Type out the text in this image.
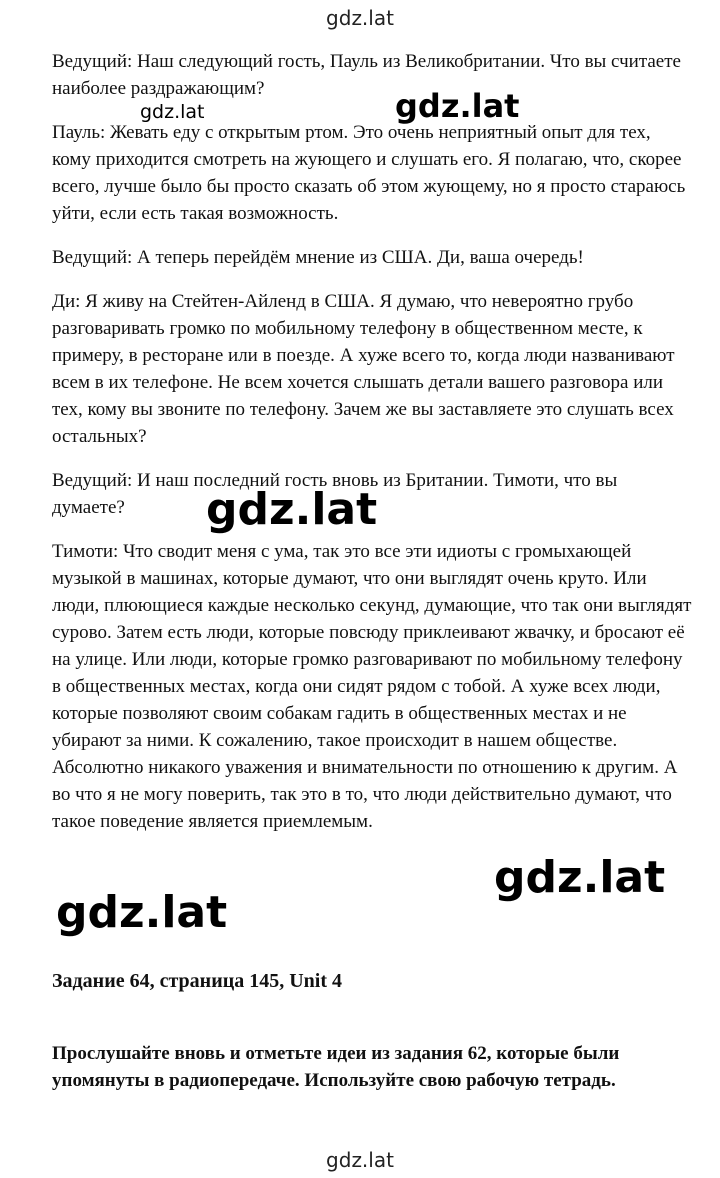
gdz.lat

Ведущий: Наш следующий гость, Пауль из Великобритании. Что вы считаете наиболее раздражающим?

Пауль: Жевать еду с открытым ртом. Это очень неприятный опыт для тех, кому приходится смотреть на жующего и слушать его. Я полагаю, что, скорее всего, лучше было бы просто сказать об этом жующему, но я просто стараюсь уйти, если есть такая возможность.

Ведущий: А теперь перейдём мнение из США. Ди, ваша очередь!

Ди: Я живу на Стейтен-Айленд в США. Я думаю, что невероятно грубо разговаривать громко по мобильному телефону в общественном месте, к примеру, в ресторане или в поезде. А хуже всего то, когда люди названивают всем в их телефоне. Не всем хочется слышать детали вашего разговора или тех, кому вы звоните по телефону. Зачем же вы заставляете это слушать всех остальных?

Ведущий: И наш последний гость вновь из Британии. Тимоти, что вы думаете?

Тимоти: Что сводит меня с ума, так это все эти идиоты с громыхающей музыкой в машинах, которые думают, что они выглядят очень круто. Или люди, плюющиеся каждые несколько секунд, думающие, что так они выглядят сурово. Затем есть люди, которые повсюду приклеивают жвачку, и бросают её на улице. Или люди, которые громко разговаривают по мобильному телефону в общественных местах, когда они сидят рядом с тобой. А хуже всех люди, которые позволяют своим собакам гадить в общественных местах и не убирают за ними. К сожалению, такое происходит в нашем обществе. Абсолютно никакого уважения и внимательности по отношению к другим. А во что я не могу поверить, так это в то, что люди действительно думают, что такое поведение является приемлемым.

Задание 64, страница 145, Unit 4

Прослушайте вновь и отметьте идеи из задания 62, которые были упомянуты в радиопередаче. Используйте свою рабочую тетрадь.

gdz.lat	gdz.lat
gdz.lat
gdz.lat
gdz.lat
gdz.lat
